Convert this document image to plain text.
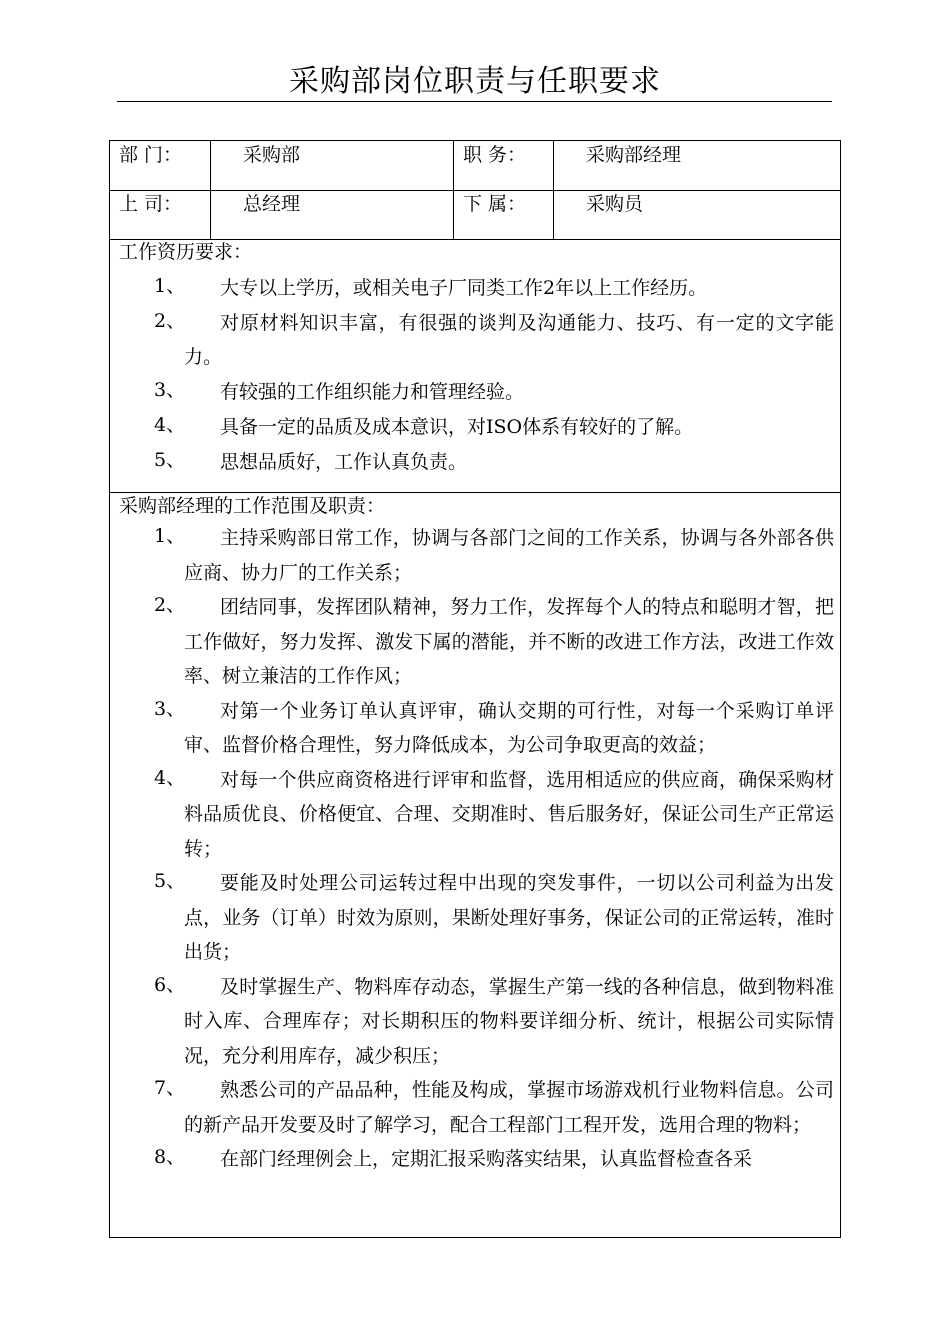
采购部岗位职责与任职要求
部 门：	采购部	职 务：	采购部经理
上 司：	总经理	下 属：	采购员
工作资历要求：
1、	大专以上学历，或相关电子厂同类工作2年以上工作经历。
2、	对原材料知识丰富，有很强的谈判及沟通能力、技巧、有一定的文字能力。
3、	有较强的工作组织能力和管理经验。
4、	具备一定的品质及成本意识，对ISO体系有较好的了解。
5、	思想品质好，工作认真负责。
采购部经理的工作范围及职责：
1、	主持采购部日常工作，协调与各部门之间的工作关系，协调与各外部各供应商、协力厂的工作关系；
2、	团结同事，发挥团队精神，努力工作，发挥每个人的特点和聪明才智，把工作做好，努力发挥、激发下属的潜能，并不断的改进工作方法，改进工作效率、树立兼洁的工作作风；
3、	对第一个业务订单认真评审，确认交期的可行性，对每一个采购订单评审、监督价格合理性，努力降低成本，为公司争取更高的效益；
4、	对每一个供应商资格进行评审和监督，选用相适应的供应商，确保采购材料品质优良、价格便宜、合理、交期准时、售后服务好，保证公司生产正常运转；
5、	要能及时处理公司运转过程中出现的突发事件，一切以公司利益为出发点，业务（订单）时效为原则，果断处理好事务，保证公司的正常运转，准时出货；
6、	及时掌握生产、物料库存动态，掌握生产第一线的各种信息，做到物料准时入库、合理库存；对长期积压的物料要详细分析、统计，根据公司实际情况，充分利用库存，减少积压；
7、	熟悉公司的产品品种，性能及构成，掌握市场游戏机行业物料信息。公司的新产品开发要及时了解学习，配合工程部门工程开发，选用合理的物料；
8、	在部门经理例会上，定期汇报采购落实结果，认真监督检查各采
